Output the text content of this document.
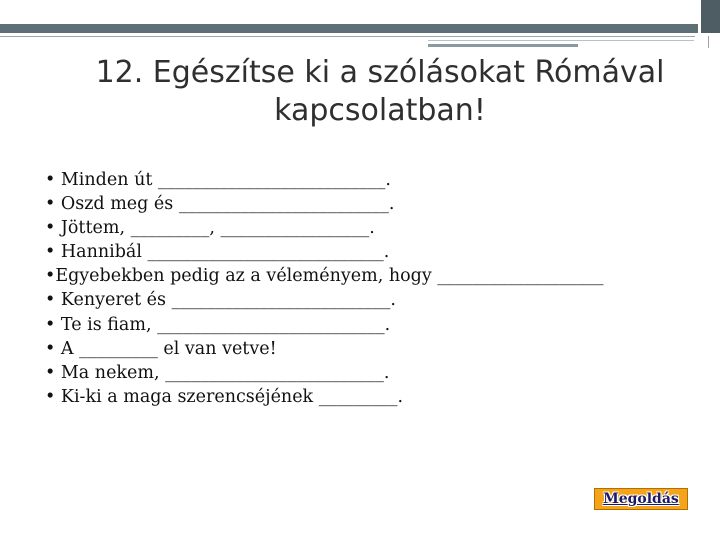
12. Egészítse ki a szólásokat Rómával kapcsolatban!
• Minden út __________________________.
• Oszd meg és ________________________.
• Jöttem, _________, _________________.
• Hannibál ___________________________.
•Egyebekben pedig az a véleményem, hogy ___________________
• Kenyeret és _________________________.
• Te is fiam, __________________________.
• A _________ el van vetve!
• Ma nekem, _________________________.
• Ki-ki a maga szerencséjének _________.
Megoldás
